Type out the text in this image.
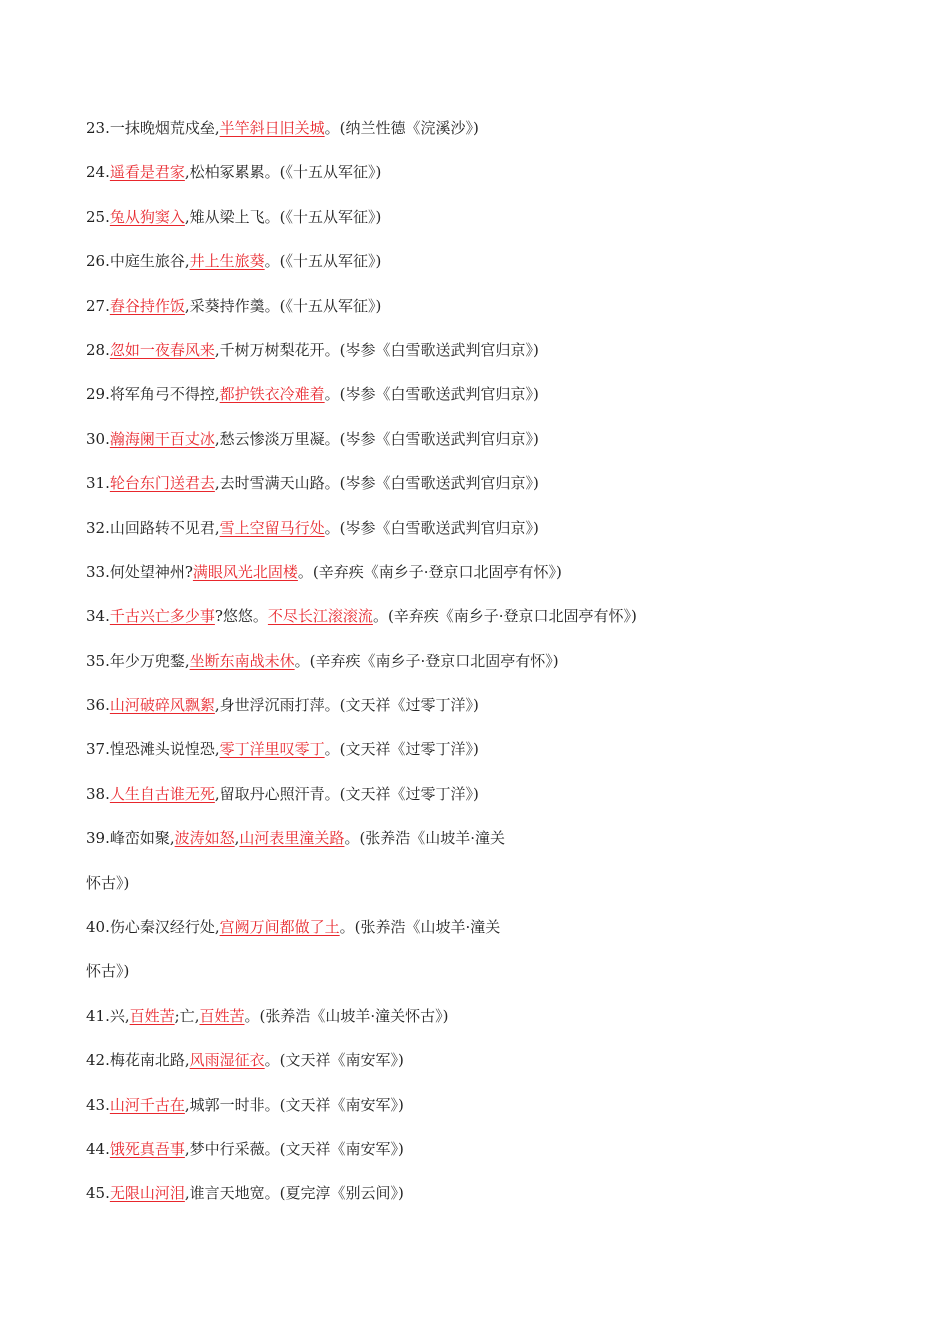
23.一抹晚烟荒戍垒,半竿斜日旧关城。(纳兰性德《浣溪沙》)
24.遥看是君家,松柏冢累累。(《十五从军征》)
25.兔从狗窦入,雉从梁上飞。(《十五从军征》)
26.中庭生旅谷,井上生旅葵。(《十五从军征》)
27.舂谷持作饭,采葵持作羹。(《十五从军征》)
28.忽如一夜春风来,千树万树梨花开。(岑参《白雪歌送武判官归京》)
29.将军角弓不得控,都护铁衣冷难着。(岑参《白雪歌送武判官归京》)
30.瀚海阑干百丈冰,愁云惨淡万里凝。(岑参《白雪歌送武判官归京》)
31.轮台东门送君去,去时雪满天山路。(岑参《白雪歌送武判官归京》)
32.山回路转不见君,雪上空留马行处。(岑参《白雪歌送武判官归京》)
33.何处望神州?满眼风光北固楼。(辛弃疾《南乡子·登京口北固亭有怀》)
34.千古兴亡多少事?悠悠。不尽长江滚滚流。(辛弃疾《南乡子·登京口北固亭有怀》)
35.年少万兜鍪,坐断东南战未休。(辛弃疾《南乡子·登京口北固亭有怀》)
36.山河破碎风飘絮,身世浮沉雨打萍。(文天祥《过零丁洋》)
37.惶恐滩头说惶恐,零丁洋里叹零丁。(文天祥《过零丁洋》)
38.人生自古谁无死,留取丹心照汗青。(文天祥《过零丁洋》)
39.峰峦如聚,波涛如怒,山河表里潼关路。(张养浩《山坡羊·潼关
怀古》)
40.伤心秦汉经行处,宫阙万间都做了土。(张养浩《山坡羊·潼关
怀古》)
41.兴,百姓苦;亡,百姓苦。(张养浩《山坡羊·潼关怀古》)
42.梅花南北路,风雨湿征衣。(文天祥《南安军》)
43.山河千古在,城郭一时非。(文天祥《南安军》)
44.饿死真吾事,梦中行采薇。(文天祥《南安军》)
45.无限山河泪,谁言天地宽。(夏完淳《别云间》)
